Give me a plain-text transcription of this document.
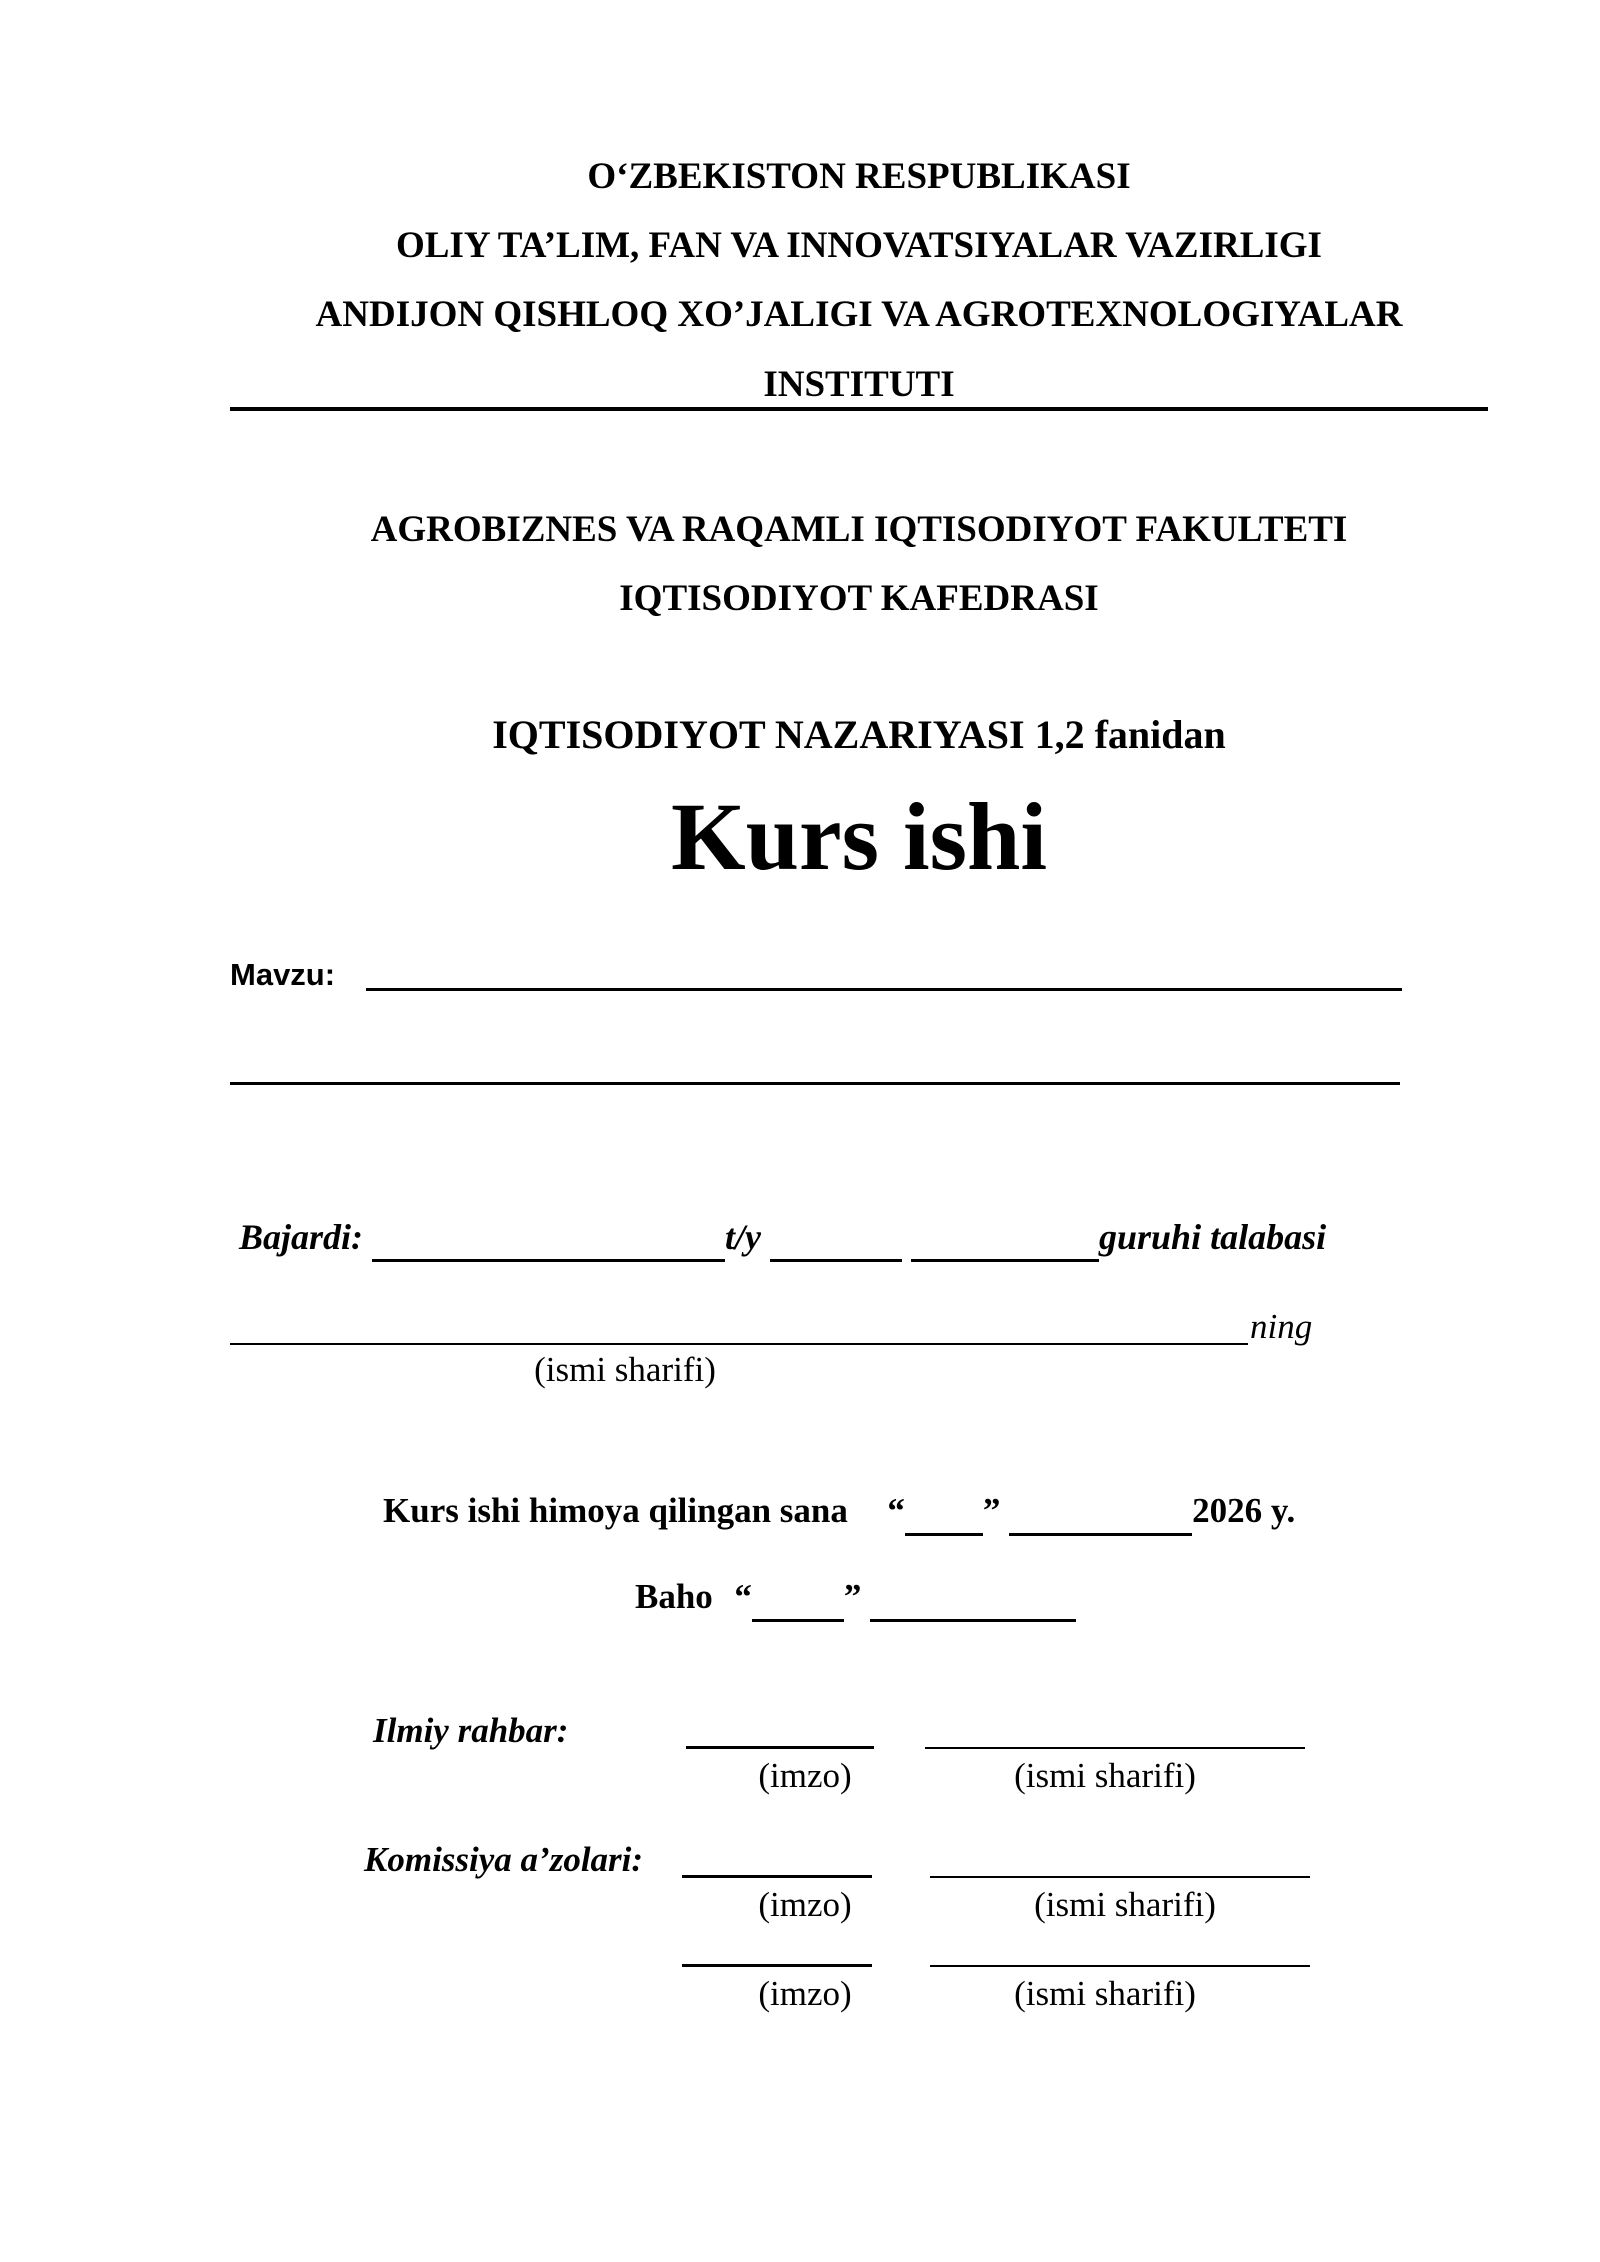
O‘ZBEKISTON RESPUBLIKASI
OLIY TA’LIM, FAN VA INNOVATSIYALAR VAZIRLIGI
ANDIJON QISHLOQ XO’JALIGI VA AGROTEXNOLOGIYALAR
INSTITUTI
AGROBIZNES VA RAQAMLI IQTISODIYOT FAKULTETI
IQTISODIYOT KAFEDRASI
IQTISODIYOT NAZARIYASI 1,2 fanidan
Kurs ishi
Mavzu:
Bajardi:	t/y	guruhi talabasi
ning
(ismi sharifi)
Kurs ishi himoya qilingan sana “ ”	2026 y.
Baho “	”
Ilmiy rahbar:
(imzo)	(ismi sharifi)
Komissiya a’zolari:
(imzo)	(ismi sharifi)
(imzo)	(ismi sharifi)
